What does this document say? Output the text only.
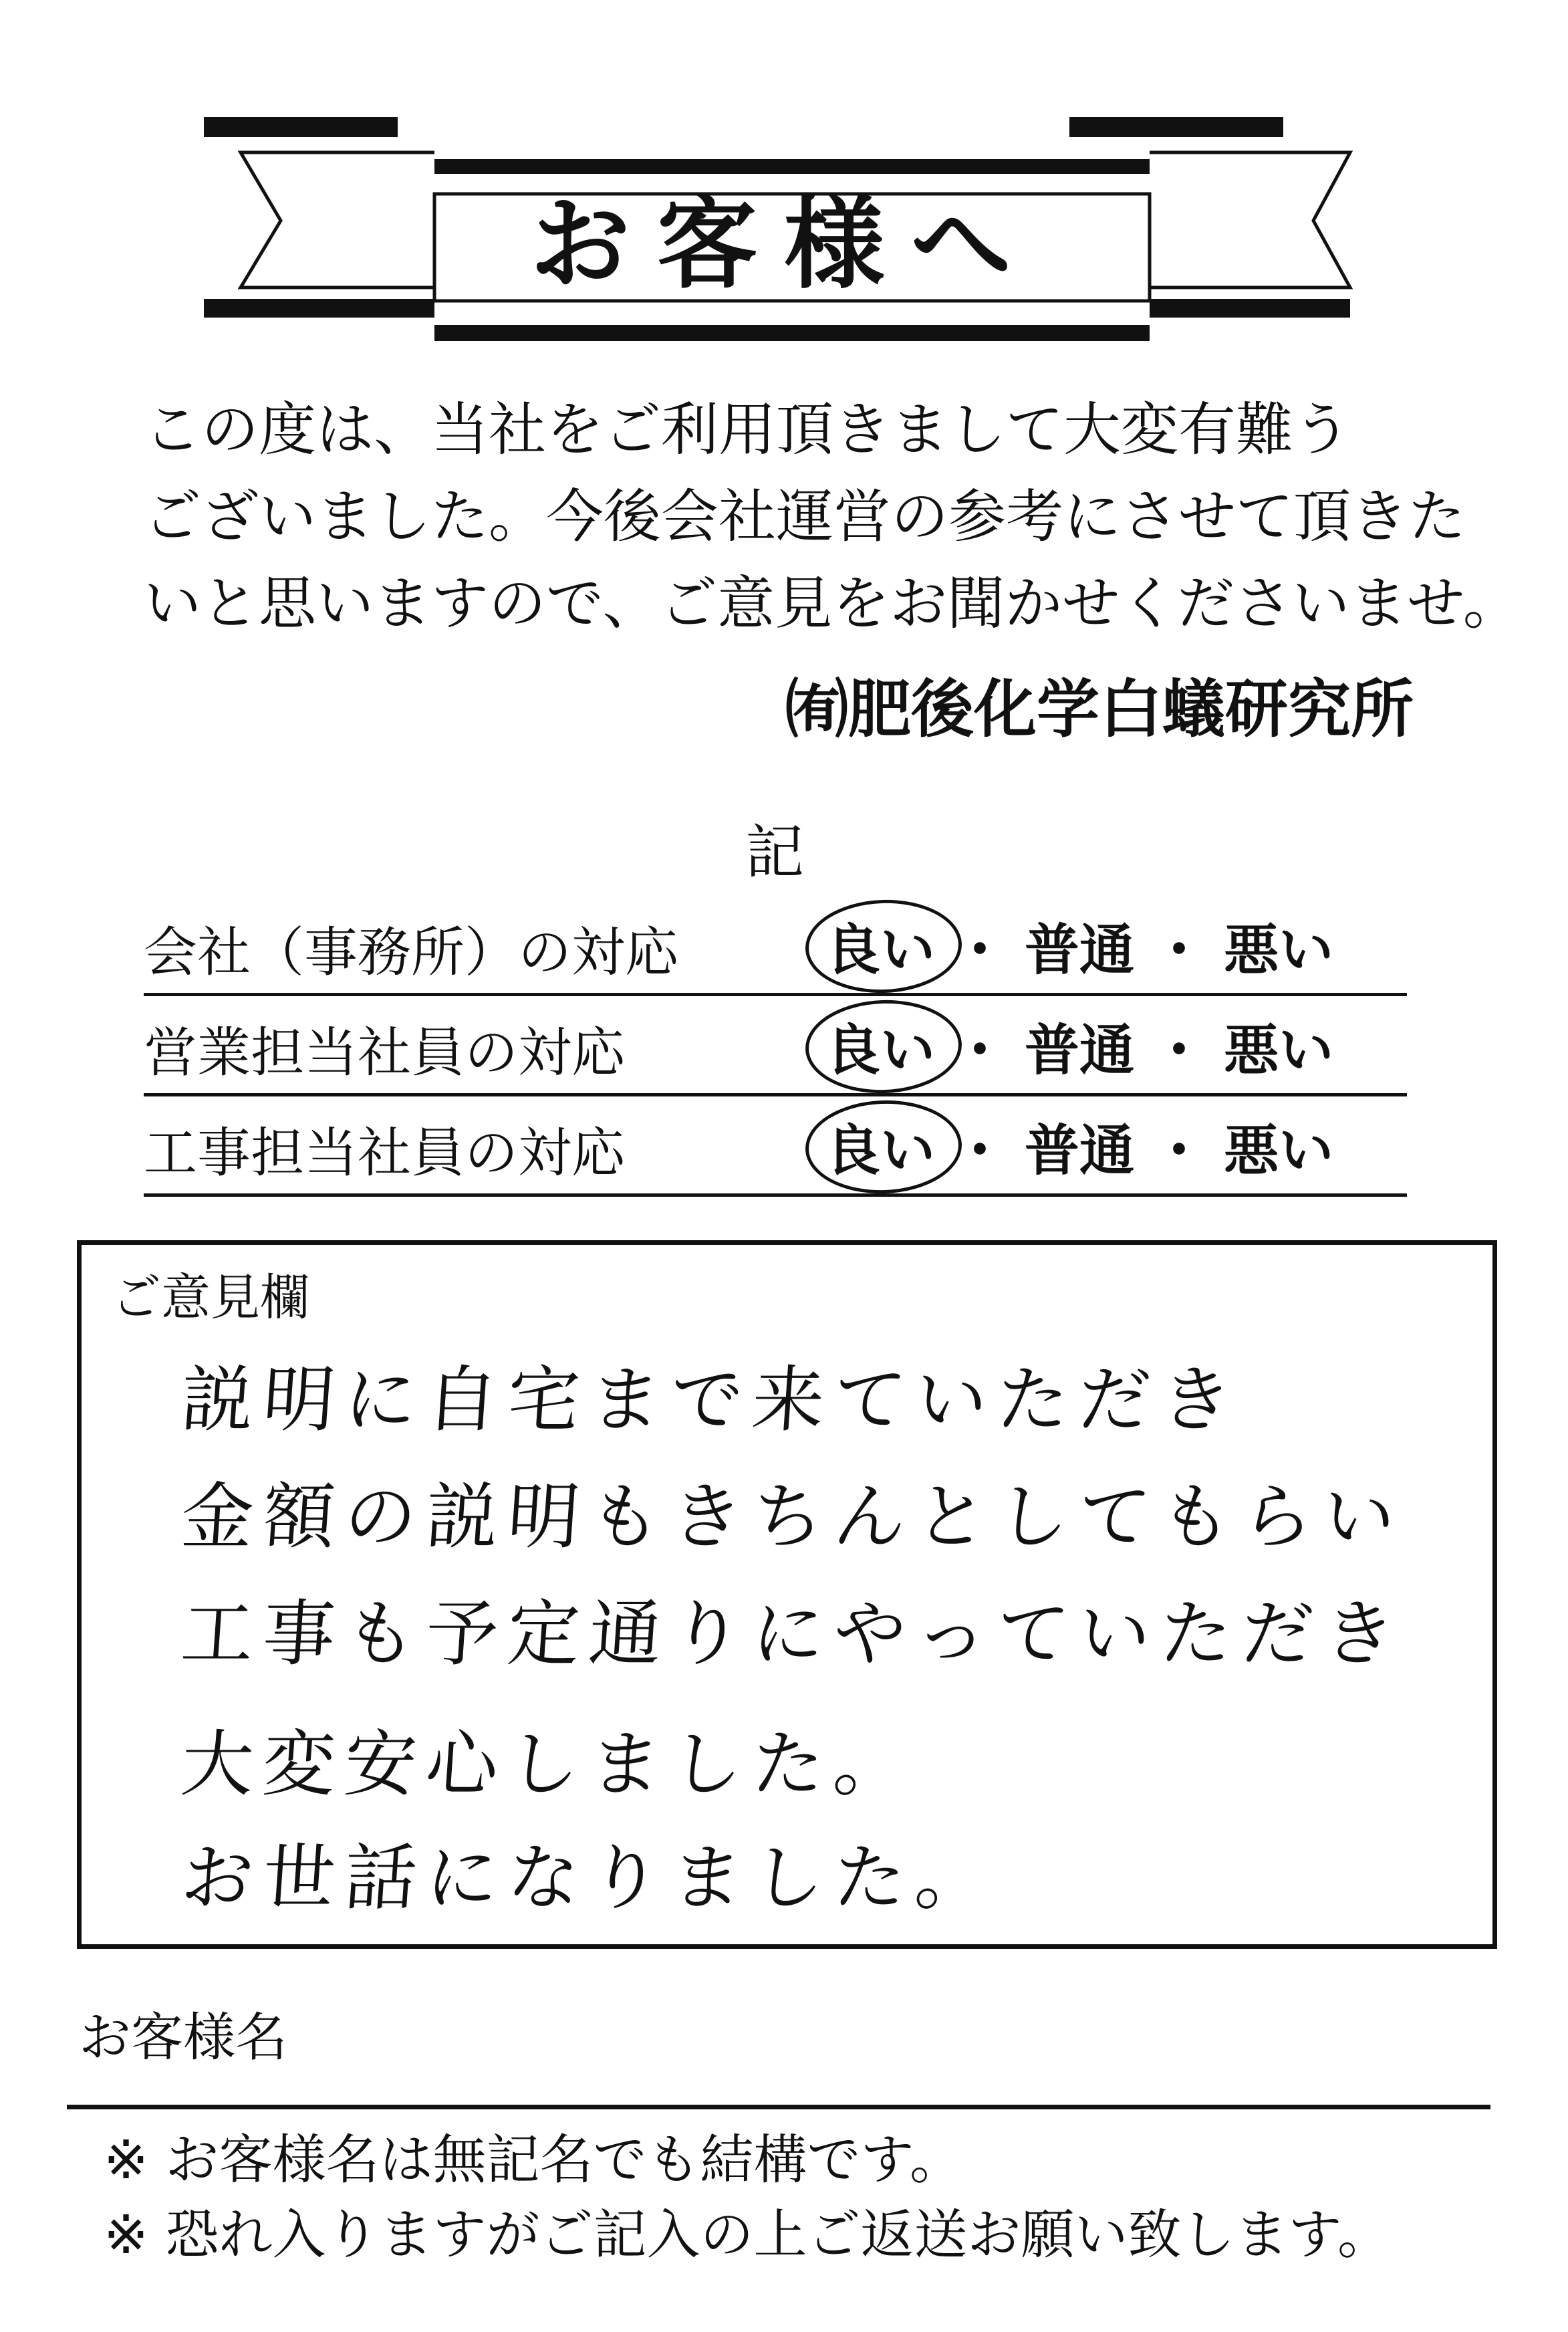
お客様へ
この度は、当社をご利用頂きまして大変有難う
ございました。今後会社運営の参考にさせて頂きた
いと思いますので、ご意見をお聞かせくださいませ。
㈲肥後化学白蟻研究所
記
会社（事務所）の対応	良い ・ 普通 ・ 悪い
営業担当社員の対応	良い ・ 普通 ・ 悪い
工事担当社員の対応	良い ・ 普通 ・ 悪い
ご意見欄
説明に自宅まで来ていただき
金額の説明もきちんとしてもらい
工事も予定通りにやっていただき
大変安心しました。
お世話になりました。
お客様名
※ お客様名は無記名でも結構です。
※ 恐れ入りますがご記入の上ご返送お願い致します。
